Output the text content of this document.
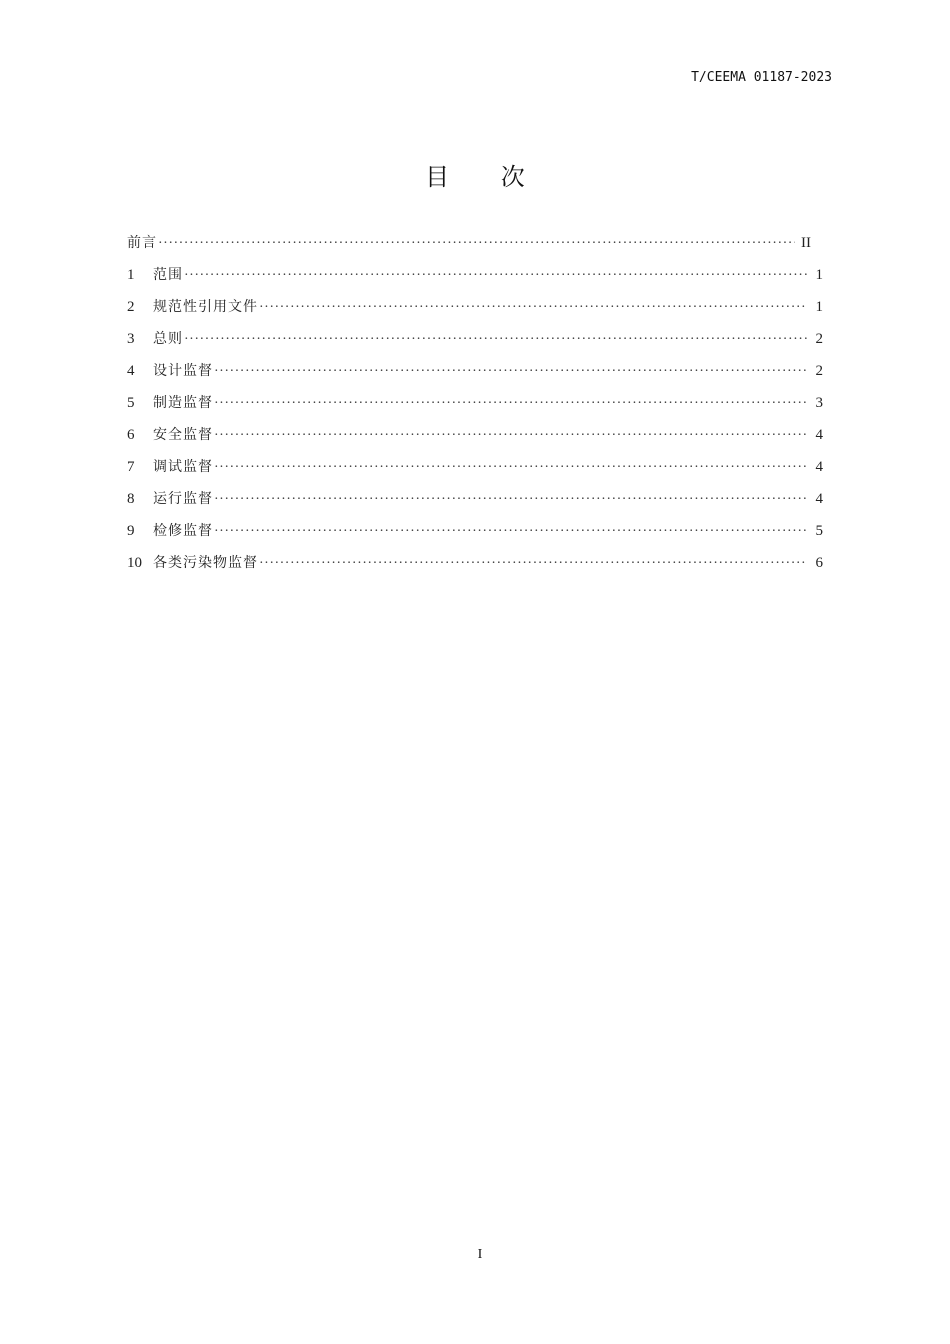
T/CEEMA 01187-2023
目 次
前言 ·····	II
1	范围 ·····	1
2	规范性引用文件 ·····	1
3	总则 ·····	2
4	设计监督 ·····	2
5	制造监督 ·····	3
6	安全监督 ·····	4
7	调试监督 ·····	4
8	运行监督 ·····	4
9	检修监督 ·····	5
10 各类污染物监督 ·····	6
I
